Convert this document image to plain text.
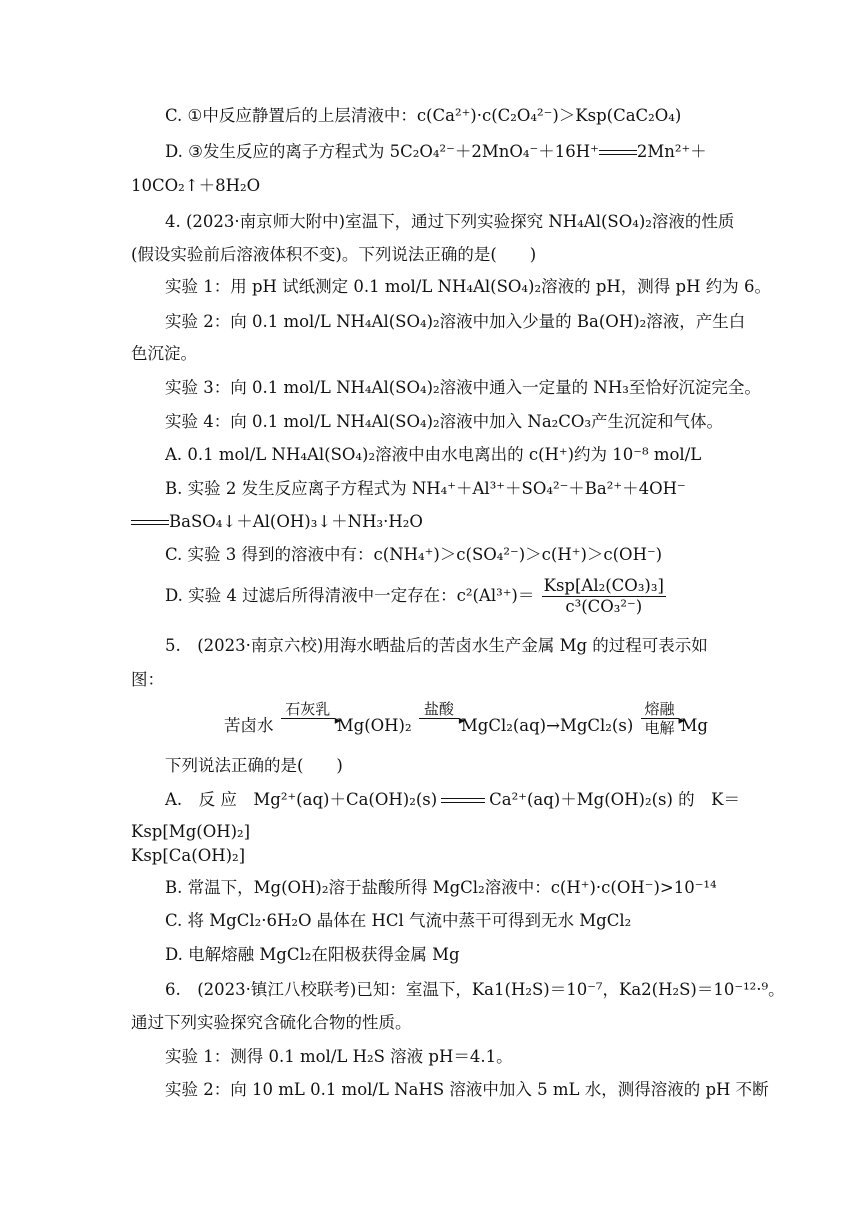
C. ①中反应静置后的上层清液中：c(Ca²⁺)·c(C₂O₄²⁻)＞Ksp(CaC₂O₄)
D. ③发生反应的离子方程式为 5C₂O₄²⁻＋2MnO₄⁻＋16H⁺ 2Mn²⁺＋
10CO₂↑＋8H₂O
4. (2023·南京师大附中)室温下，通过下列实验探究 NH₄Al(SO₄)₂溶液的性质
(假设实验前后溶液体积不变)。下列说法正确的是(　　)
实验 1：用 pH 试纸测定 0.1 mol/L NH₄Al(SO₄)₂溶液的 pH，测得 pH 约为 6。
实验 2：向 0.1 mol/L NH₄Al(SO₄)₂溶液中加入少量的 Ba(OH)₂溶液，产生白
色沉淀。
实验 3：向 0.1 mol/L NH₄Al(SO₄)₂溶液中通入一定量的 NH₃至恰好沉淀完全。
实验 4：向 0.1 mol/L NH₄Al(SO₄)₂溶液中加入 Na₂CO₃产生沉淀和气体。
A. 0.1 mol/L NH₄Al(SO₄)₂溶液中由水电离出的 c(H⁺)约为 10⁻⁸ mol/L
B. 实验 2 发生反应离子方程式为 NH₄⁺＋Al³⁺＋SO₄²⁻＋Ba²⁺＋4OH⁻
BaSO₄↓＋Al(OH)₃↓＋NH₃·H₂O
C. 实验 3 得到的溶液中有：c(NH₄⁺)＞c(SO₄²⁻)＞c(H⁺)＞c(OH⁻)
D. 实验 4 过滤后所得清液中一定存在：$c^2(Al^{3+})= \frac{\text{Ksp[Al₂(CO₃)₃]}}{\text{c³(CO₃²⁻)}}$
5.　(2023·南京六校)用海水晒盐后的苦卤水生产金属 Mg 的过程可表示如
图：
苦卤水
石灰乳
▸

Mg(OH)₂
盐酸
▸

MgCl₂(aq)→MgCl₂(s)
熔融
▸
电解 Mg
下列说法正确的是(　　)
A.　反 应　Mg²⁺(aq)＋Ca(OH)₂(s)	Ca²⁺(aq)＋Mg(OH)₂(s) 的　K＝
Ksp[Mg(OH)₂]
Ksp[Ca(OH)₂]
B. 常温下，Mg(OH)₂溶于盐酸所得 MgCl₂溶液中：c(H⁺)·c(OH⁻)>10⁻¹⁴
C. 将 MgCl₂·6H₂O 晶体在 HCl 气流中蒸干可得到无水 MgCl₂
D. 电解熔融 MgCl₂在阳极获得金属 Mg
6.　(2023·镇江八校联考)已知：室温下，Ka1(H₂S)＝10⁻⁷，Ka2(H₂S)＝10⁻¹²·⁹。
通过下列实验探究含硫化合物的性质。
实验 1：测得 0.1 mol/L H₂S 溶液 pH＝4.1。
实验 2：向 10 mL 0.1 mol/L NaHS 溶液中加入 5 mL 水，测得溶液的 pH 不断
